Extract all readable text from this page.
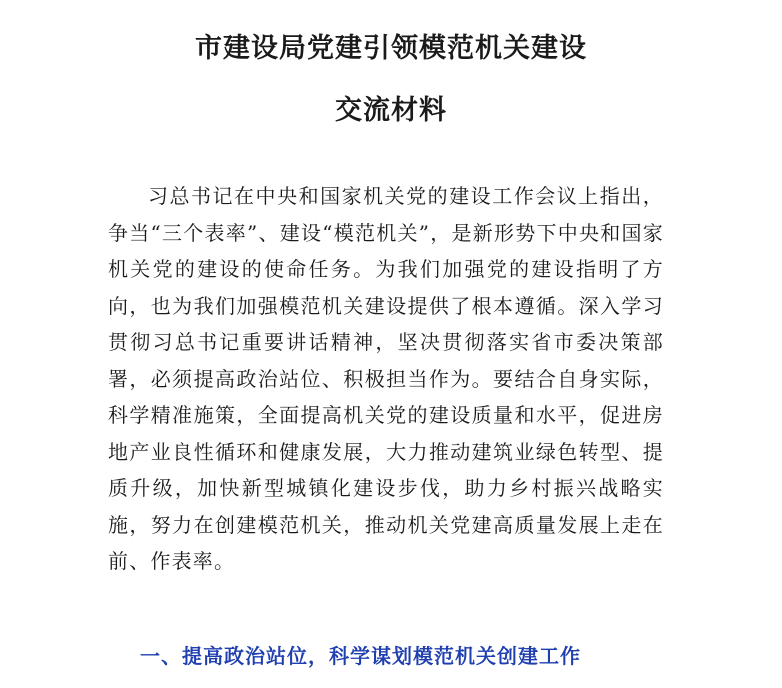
市建设局党建引领模范机关建设
交流材料

习总书记在中央和国家机关党的建设工作会议上指出，争当“三个表率”、建设“模范机关”，是新形势下中央和国家机关党的建设的使命任务。为我们加强党的建设指明了方向，也为我们加强模范机关建设提供了根本遵循。深入学习贯彻习总书记重要讲话精神，坚决贯彻落实省市委决策部署，必须提高政治站位、积极担当作为。要结合自身实际，科学精准施策，全面提高机关党的建设质量和水平，促进房地产业良性循环和健康发展，大力推动建筑业绿色转型、提质升级，加快新型城镇化建设步伐，助力乡村振兴战略实施，努力在创建模范机关，推动机关党建高质量发展上走在前、作表率。

一、提高政治站位，科学谋划模范机关创建工作
